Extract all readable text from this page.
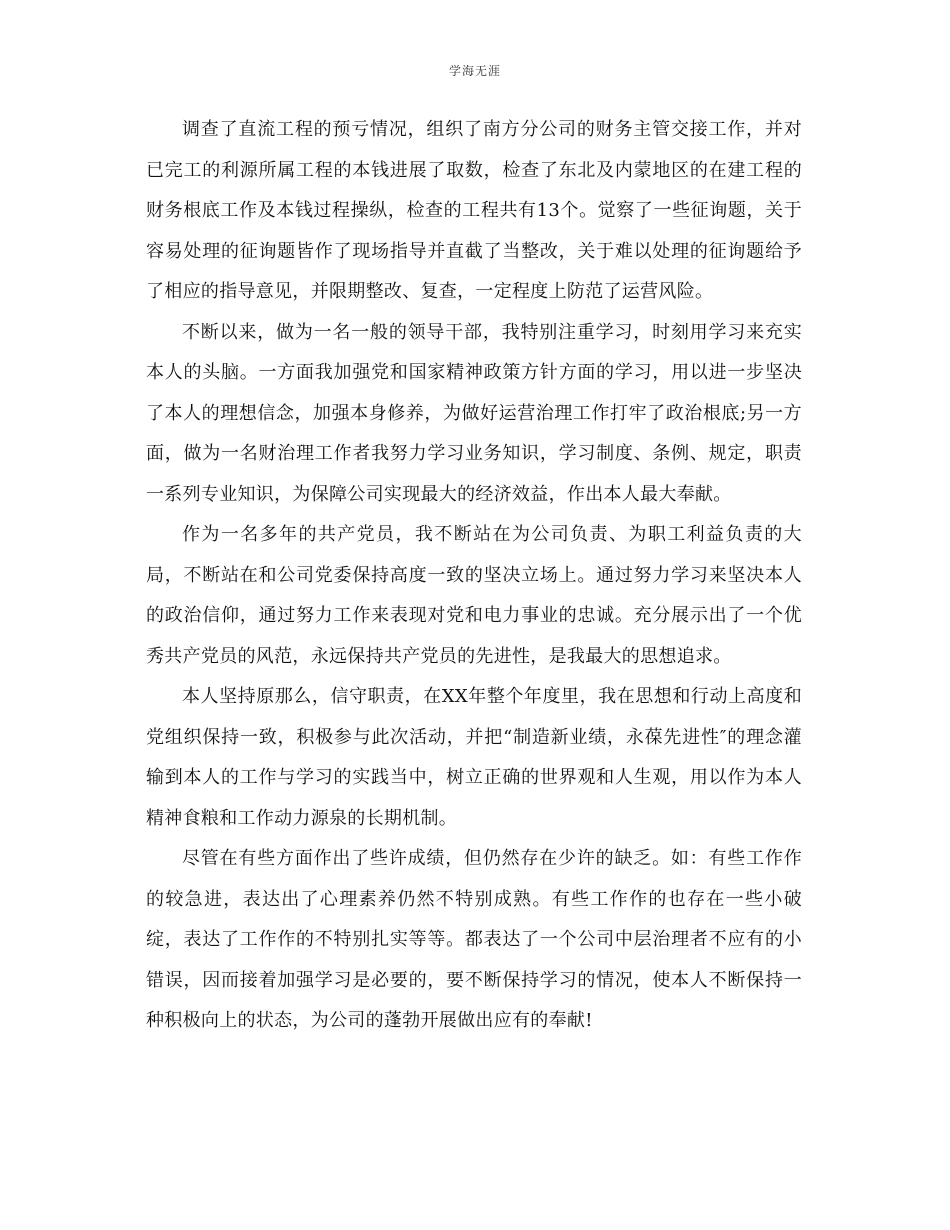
学海无涯

调查了直流工程的预亏情况，组织了南方分公司的财务主管交接工作，并对已完工的利源所属工程的本钱进展了取数，检查了东北及内蒙地区的在建工程的财务根底工作及本钱过程操纵，检查的工程共有13个。觉察了一些征询题，关于容易处理的征询题皆作了现场指导并直截了当整改，关于难以处理的征询题给予了相应的指导意见，并限期整改、复查，一定程度上防范了运营风险。

不断以来，做为一名一般的领导干部，我特别注重学习，时刻用学习来充实本人的头脑。一方面我加强党和国家精神政策方针方面的学习，用以进一步坚决了本人的理想信念，加强本身修养，为做好运营治理工作打牢了政治根底;另一方面，做为一名财治理工作者我努力学习业务知识，学习制度、条例、规定，职责一系列专业知识，为保障公司实现最大的经济效益，作出本人最大奉献。

作为一名多年的共产党员，我不断站在为公司负责、为职工利益负责的大局，不断站在和公司党委保持高度一致的坚决立场上。通过努力学习来坚决本人的政治信仰，通过努力工作来表现对党和电力事业的忠诚。充分展示出了一个优秀共产党员的风范，永远保持共产党员的先进性，是我最大的思想追求。

本人坚持原那么，信守职责，在XX年整个年度里，我在思想和行动上高度和党组织保持一致，积极参与此次活动，并把“制造新业绩，永葆先进性″的理念灌输到本人的工作与学习的实践当中，树立正确的世界观和人生观，用以作为本人精神食粮和工作动力源泉的长期机制。

尽管在有些方面作出了些许成绩，但仍然存在少许的缺乏。如：有些工作作的较急进，表达出了心理素养仍然不特别成熟。有些工作作的也存在一些小破绽，表达了工作作的不特别扎实等等。都表达了一个公司中层治理者不应有的小错误，因而接着加强学习是必要的，要不断保持学习的情况，使本人不断保持一种积极向上的状态，为公司的蓬勃开展做出应有的奉献!
